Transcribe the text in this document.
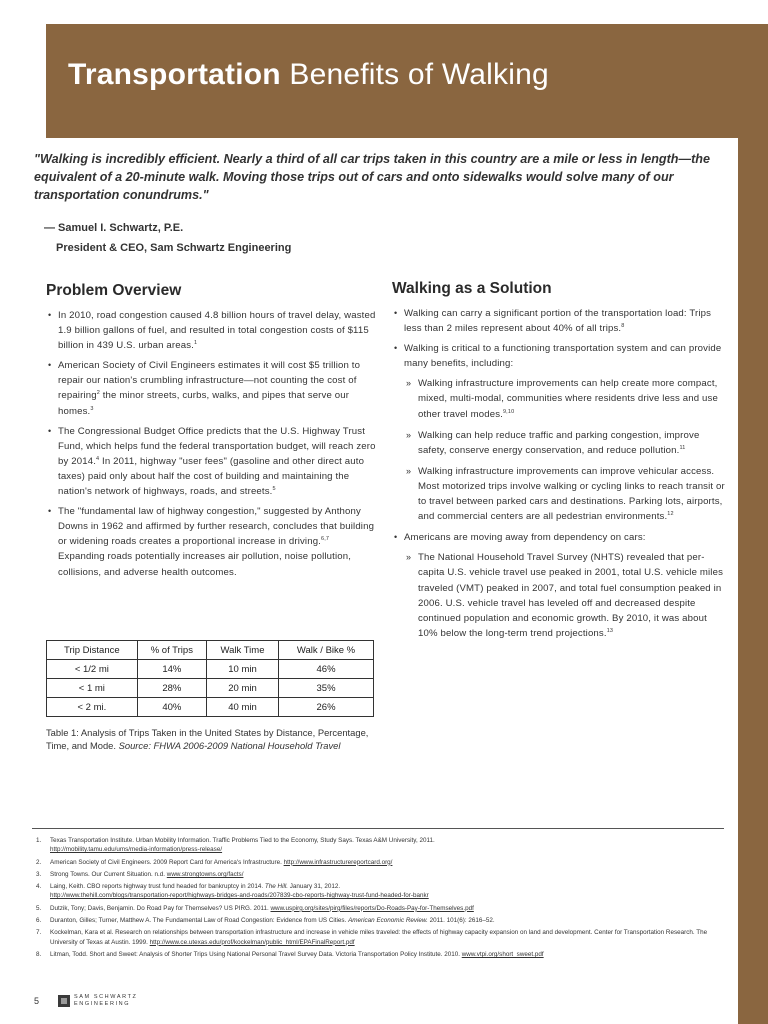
Transportation Benefits of Walking

"Walking is incredibly efficient. Nearly a third of all car trips taken in this country are a mile or less in length—the equivalent of a 20-minute walk. Moving those trips out of cars and onto sidewalks would solve many of our transportation conundrums."

— Samuel I. Schwartz, P.E.
President & CEO, Sam Schwartz Engineering
Problem Overview
• In 2010, road congestion caused 4.8 billion hours of travel delay, wasted 1.9 billion gallons of fuel, and resulted in total congestion costs of $115 billion in 439 U.S. urban areas.$^1$
• American Society of Civil Engineers estimates it will cost $5 trillion to repair our nation's crumbling infrastructure—not counting the cost of repairing$^2$ the minor streets, curbs, walks, and pipes that serve our homes.$^3$
• The Congressional Budget Office predicts that the U.S. Highway Trust Fund, which helps fund the federal transportation budget, will reach zero by 2014.$^4$ In 2011, highway "user fees" (gasoline and other direct auto taxes) paid only about half the cost of building and maintaining the nation's network of highways, roads, and streets.$^5$
• The "fundamental law of highway congestion," suggested by Anthony Downs in 1962 and affirmed by further research, concludes that building or widening roads creates a proportional increase in driving.$^{6,7}$ Expanding roads potentially increases air pollution, noise pollution, collisions, and adverse health outcomes.
Trip Distance	% of Trips	Walk Time	Walk / Bike %
< 1/2 mi	14%	10 min	46%
< 1 mi	28%	20 min	35%
< 2 mi.	40%	40 min	26%

Table 1: Analysis of Trips Taken in the United States by Distance, Percentage, Time, and Mode. Source: FHWA 2006-2009 National Household Travel

Walking as a Solution
• Walking can carry a significant portion of the transportation load: Trips less than 2 miles represent about 40% of all trips.$^8$
• Walking is critical to a functioning transportation system and can provide many benefits, including:
» Walking infrastructure improvements can help create more compact, mixed, multi-modal, communities where residents drive less and use other travel modes.$^{9,10}$
» Walking can help reduce traffic and parking congestion, improve safety, conserve energy conservation, and reduce pollution.$^{11}$
» Walking infrastructure improvements can improve vehicular access. Most motorized trips involve walking or cycling links to reach transit or to travel between parked cars and destinations. Parking lots, airports, and commercial centers are all pedestrian environments.$^{12}$
• Americans are moving away from dependency on cars:
» The National Household Travel Survey (NHTS) revealed that per-capita U.S. vehicle travel use peaked in 2001, total U.S. vehicle miles traveled (VMT) peaked in 2007, and total fuel consumption peaked in 2006. U.S. vehicle travel has leveled off and decreased despite continued population and economic growth. By 2010, it was about 10% below the long-term trend projections.$^{13}$
1. Texas Transportation Institute. Urban Mobility Information. Traffic Problems Tied to the Economy, Study Says. Texas A&M University, 2011.
http://mobility.tamu.edu/ums/media-information/press-release/
2. American Society of Civil Engineers. 2009 Report Card for America's Infrastructure. http://www.infrastructurereportcard.org/
3. Strong Towns. Our Current Situation. n.d. www.strongtowns.org/facts/
4. Laing, Keith. CBO reports highway trust fund headed for bankruptcy in 2014. The Hill. January 31, 2012.
http://www.thehill.com/blogs/transportation-report/highways-bridges-and-roads/207839-cbo-reports-highway-trust-fund-headed-for-bankr
5. Dutzik, Tony; Davis, Benjamin. Do Road Pay for Themselves? US PIRG. 2011. www.uspirg.org/sites/pirg/files/reports/Do-Roads-Pay-for-Themselves.pdf
6. Duranton, Gilles; Turner, Matthew A. The Fundamental Law of Road Congestion: Evidence from US Cities. American Economic Review. 2011. 101(6): 2616–52.
7. Kockelman, Kara et al. Research on relationships between transportation infrastructure and increase in vehicle miles traveled: the effects of highway capacity expansion on land and development. Center for Transportation Research. The University of Texas at Austin. 1999. http://www.ce.utexas.edu/prof/kockelman/public_html/EPAFinalReport.pdf
8. Litman, Todd. Short and Sweet: Analysis of Shorter Trips Using National Personal Travel Survey Data. Victoria Transportation Policy Institute. 2010. www.vtpi.org/short_sweet.pdf
5	SAM SCHWARTZ
ENGINEERING
